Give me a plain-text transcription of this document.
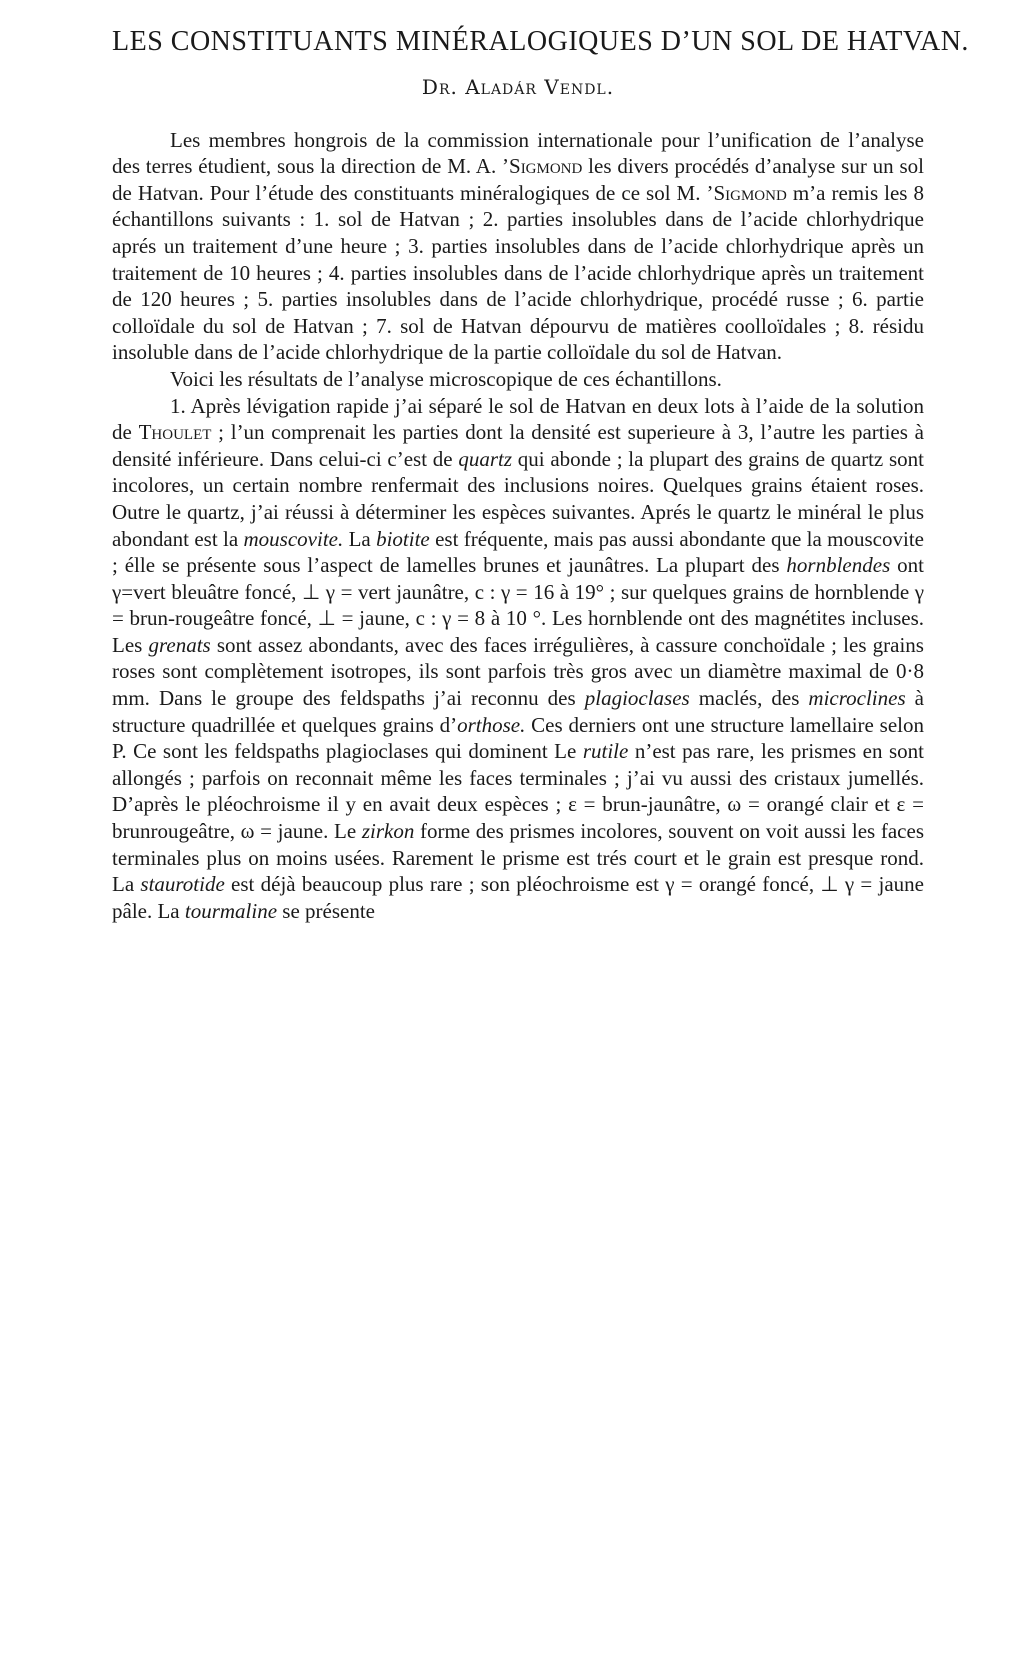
LES CONSTITUANTS MINÉRALOGIQUES D’UN SOL DE HATVAN.
Dr. Aladár Vendl.

Les membres hongrois de la commission internationale pour l’unification de l’analyse des terres étudient, sous la direction de M. A. ’Sigmond les divers procédés d’analyse sur un sol de Hatvan. Pour l’étude des constituants minéralogiques de ce sol M. ’Sigmond m’a remis les 8 échantillons suivants : 1. sol de Hatvan ; 2. parties insolubles dans de l’acide chlorhydrique aprés un traitement d’une heure ; 3. parties insolubles dans de l’acide chlorhydrique après un traitement de 10 heures ; 4. parties insolubles dans de l’acide chlorhydrique après un traitement de 120 heures ; 5. parties insolubles dans de l’acide chlorhydrique, procédé russe ; 6. partie colloïdale du sol de Hatvan ; 7. sol de Hatvan dépourvu de matières coolloïdales ; 8. résidu insoluble dans de l’acide chlorhydrique de la partie colloïdale du sol de Hatvan.

Voici les résultats de l’analyse microscopique de ces échantillons.

1. Après lévigation rapide j’ai séparé le sol de Hatvan en deux lots à l’aide de la solution de Thoulet ; l’un comprenait les parties dont la densité est superieure à 3, l’autre les parties à densité inférieure. Dans celui-ci c’est de quartz qui abonde ; la plupart des grains de quartz sont incolores, un certain nombre renfermait des inclusions noires. Quelques grains étaient roses. Outre le quartz, j’ai réussi à déterminer les espèces suivantes. Aprés le quartz le minéral le plus abondant est la mouscovite. La biotite est fréquente, mais pas aussi abondante que la mouscovite ; élle se présente sous l’aspect de lamelles brunes et jaunâtres. La plupart des hornblendes ont γ=vert bleuâtre foncé, ⊥ γ = vert jaunâtre, c : γ = 16 à 19° ; sur quelques grains de hornblende γ = brun-rougeâtre foncé, ⊥ = jaune, c : γ = 8 à 10 °. Les hornblende ont des magnétites incluses. Les grenats sont assez abondants, avec des faces irrégulières, à cassure conchoïdale ; les grains roses sont complètement isotropes, ils sont parfois très gros avec un diamètre maximal de 0·8 mm. Dans le groupe des feldspaths j’ai reconnu des plagioclases maclés, des microclines à structure quadrillée et quelques grains d’orthose. Ces derniers ont une structure lamellaire selon P. Ce sont les feldspaths plagioclases qui dominent Le rutile n’est pas rare, les prismes en sont allongés ; parfois on reconnait même les faces terminales ; j’ai vu aussi des cristaux jumellés. D’après le pléochroisme il y en avait deux espèces ; ε = brun-jaunâtre, ω = orangé clair et ε = brunrougeâtre, ω = jaune. Le zirkon forme des prismes incolores, souvent on voit aussi les faces terminales plus on moins usées. Rarement le prisme est trés court et le grain est presque rond. La staurotide est déjà beaucoup plus rare ; son pléochroisme est γ = orangé foncé, ⊥ γ = jaune pâle. La tourmaline se présente
